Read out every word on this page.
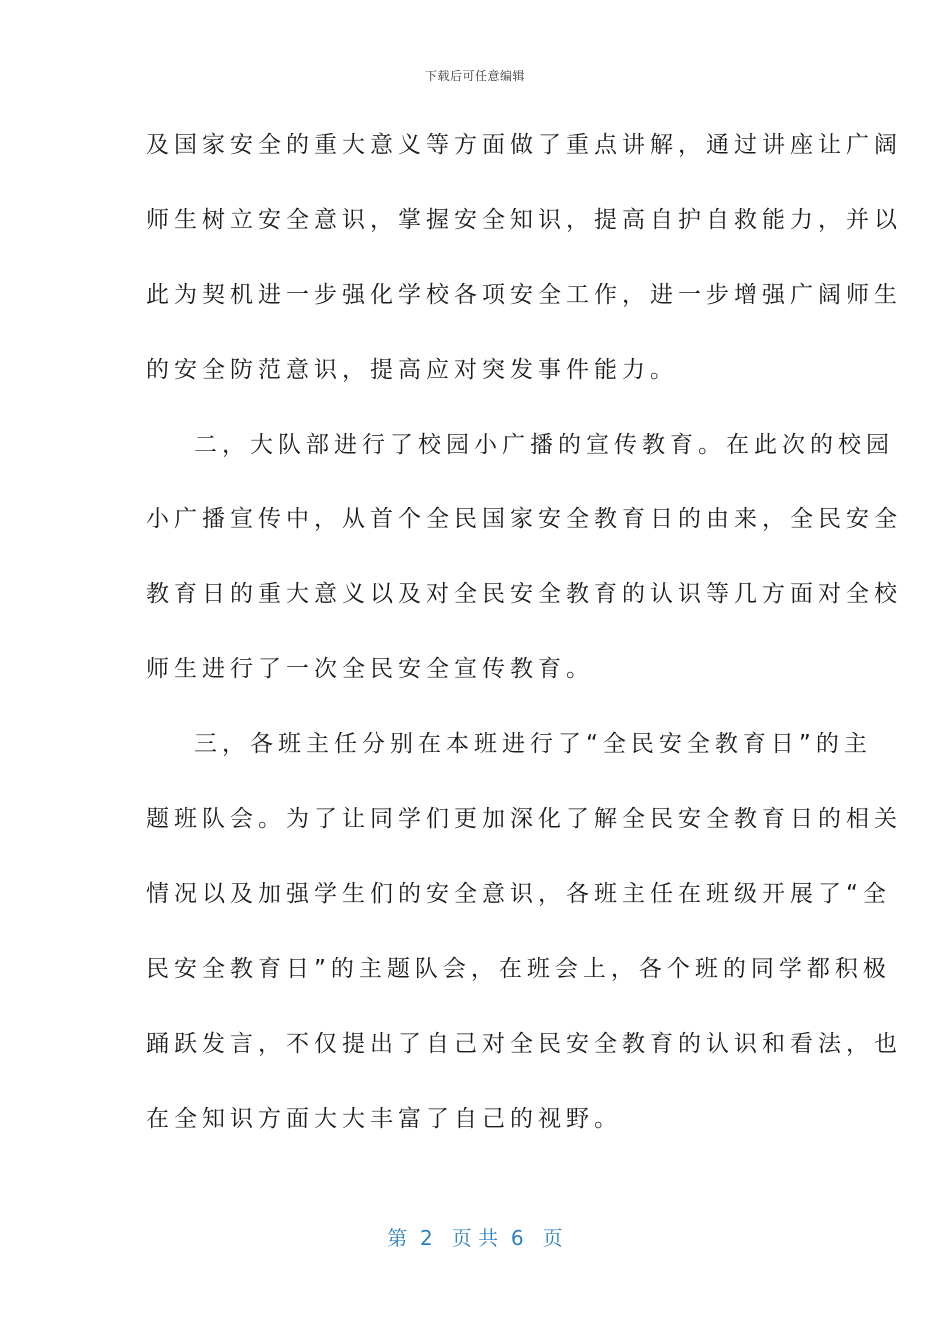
下载后可任意编辑
及国家安全的重大意义等方面做了重点讲解，通过讲座让广阔
师生树立安全意识，掌握安全知识，提高自护自救能力，并以
此为契机进一步强化学校各项安全工作，进一步增强广阔师生
的安全防范意识，提高应对突发事件能力。
二，大队部进行了校园小广播的宣传教育。在此次的校园
小广播宣传中，从首个全民国家安全教育日的由来，全民安全
教育日的重大意义以及对全民安全教育的认识等几方面对全校
师生进行了一次全民安全宣传教育。
三，各班主任分别在本班进行了“全民安全教育日”的主
题班队会。为了让同学们更加深化了解全民安全教育日的相关
情况以及加强学生们的安全意识，各班主任在班级开展了“全
民安全教育日”的主题队会，在班会上，各个班的同学都积极
踊跃发言，不仅提出了自己对全民安全教育的认识和看法，也
在全知识方面大大丰富了自己的视野。
第  2   页 共  6   页
